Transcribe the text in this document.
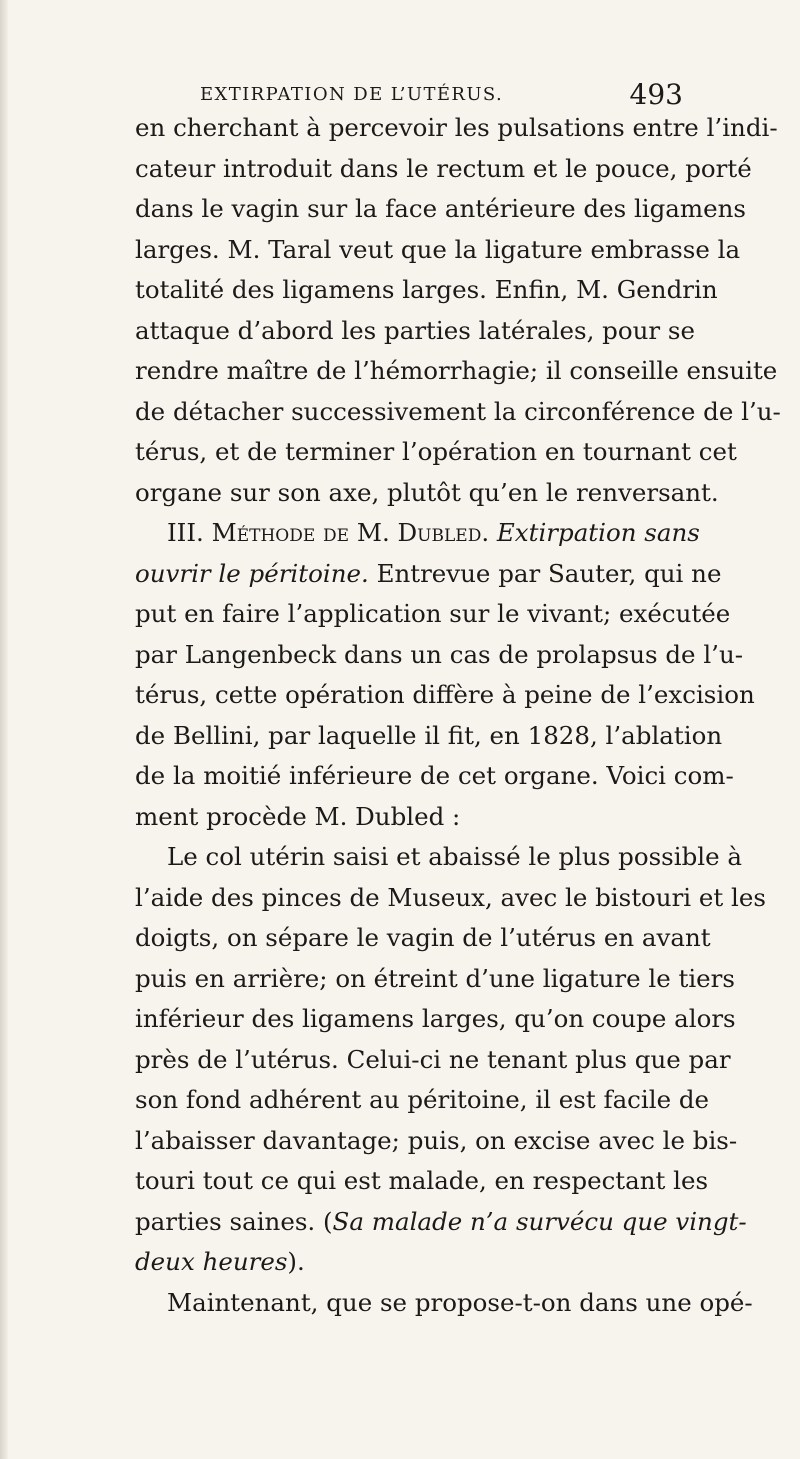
EXTIRPATION DE L’UTÉRUS.	493
en cherchant à percevoir les pulsations entre l’indi-
cateur introduit dans le rectum et le pouce, porté
dans le vagin sur la face antérieure des ligamens
larges. M. Taral veut que la ligature embrasse la
totalité des ligamens larges. Enfin, M. Gendrin
attaque d’abord les parties latérales, pour se
rendre maître de l’hémorrhagie; il conseille ensuite
de détacher successivement la circonférence de l’u-
térus, et de terminer l’opération en tournant cet
organe sur son axe, plutôt qu’en le renversant.
III. Méthode de M. Dubled. Extirpation sans
ouvrir le péritoine. Entrevue par Sauter, qui ne
put en faire l’application sur le vivant; exécutée
par Langenbeck dans un cas de prolapsus de l’u-
térus, cette opération diffère à peine de l’excision
de Bellini, par laquelle il fit, en 1828, l’ablation
de la moitié inférieure de cet organe. Voici com-
ment procède M. Dubled :
Le col utérin saisi et abaissé le plus possible à
l’aide des pinces de Museux, avec le bistouri et les
doigts, on sépare le vagin de l’utérus en avant
puis en arrière; on étreint d’une ligature le tiers
inférieur des ligamens larges, qu’on coupe alors
près de l’utérus. Celui-ci ne tenant plus que par
son fond adhérent au péritoine, il est facile de
l’abaisser davantage; puis, on excise avec le bis-
touri tout ce qui est malade, en respectant les
parties saines. (Sa malade n’a survécu que vingt-
deux heures).
Maintenant, que se propose-t-on dans une opé-
